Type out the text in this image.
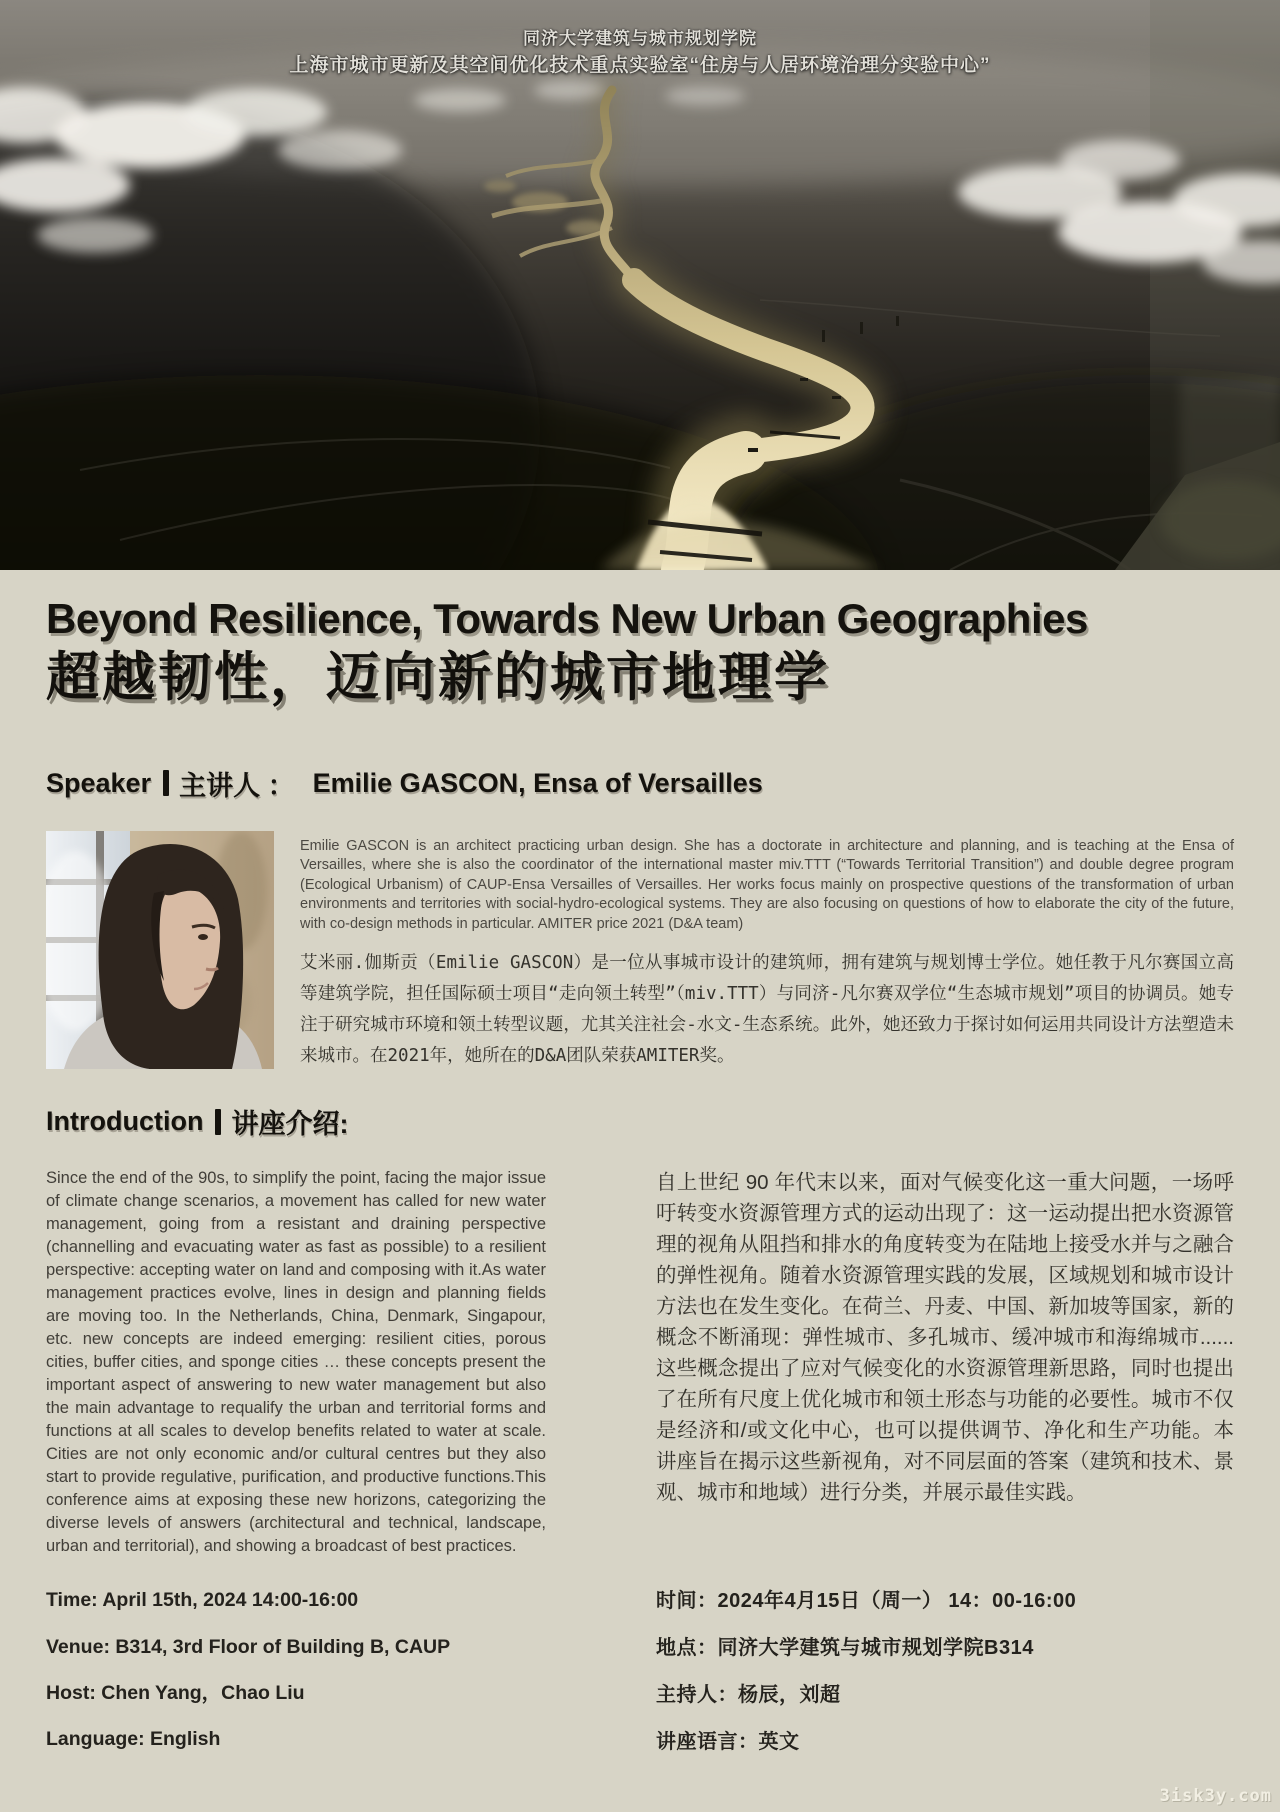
同济大学建筑与城市规划学院
上海市城市更新及其空间优化技术重点实验室“住房与人居环境治理分实验中心”
Beyond Resilience, Towards New Urban Geographies
超越韧性，迈向新的城市地理学
Speaker 主讲人 ： Emilie GASCON, Ensa of Versailles

Emilie GASCON is an architect practicing urban design. She has a doctorate in architecture and planning, and is teaching at the Ensa of Versailles, where she is also the coordinator of the international master miv.TTT (“Towards Territorial Transition”) and double degree program (Ecological Urbanism) of CAUP-Ensa Versailles of Versailles. Her works focus mainly on prospective questions of the transformation of urban environments and territories with social-hydro-ecological systems. They are also focusing on questions of how to elaborate the city of the future, with co-design methods in particular. AMITER price 2021 (D&A team)

艾米丽.伽斯贡（Emilie GASCON）是一位从事城市设计的建筑师，拥有建筑与规划博士学位。她任教于凡尔赛国立高等建筑学院，担任国际硕士项目“走向领土转型”（miv.TTT）与同济-凡尔赛双学位“生态城市规划”项目的协调员。她专注于研究城市环境和领土转型议题，尤其关注社会-水文-生态系统。此外，她还致力于探讨如何运用共同设计方法塑造未来城市。在2021年，她所在的D&A团队荣获AMITER奖。

Introduction 讲座介绍:
Since the end of the 90s, to simplify the point, facing the major issue of climate change scenarios, a movement has called for new water management, going from a resistant and draining perspective (channelling and evacuating water as fast as possible) to a resilient perspective: accepting water on land and composing with it.As water management practices evolve, lines in design and planning fields are moving too. In the Netherlands, China, Denmark, Singapour, etc. new concepts are indeed emerging: resilient cities, porous cities, buffer cities, and sponge cities … these concepts present the important aspect of answering to new water management but also the main advantage to requalify the urban and territorial forms and functions at all scales to develop benefits related to water at scale. Cities are not only economic and/or cultural centres but they also start to provide regulative, purification, and productive functions.This conference aims at exposing these new horizons, categorizing the diverse levels of answers (architectural and technical, landscape, urban and territorial), and showing a broadcast of best practices.
自上世纪 90 年代末以来，面对气候变化这一重大问题，一场呼吁转变水资源管理方式的运动出现了：这一运动提出把水资源管理的视角从阻挡和排水的角度转变为在陆地上接受水并与之融合的弹性视角。随着水资源管理实践的发展，区域规划和城市设计方法也在发生变化。在荷兰、丹麦、中国、新加坡等国家，新的概念不断涌现：弹性城市、多孔城市、缓冲城市和海绵城市......这些概念提出了应对气候变化的水资源管理新思路，同时也提出了在所有尺度上优化城市和领土形态与功能的必要性。城市不仅是经济和/或文化中心，也可以提供调节、净化和生产功能。本讲座旨在揭示这些新视角，对不同层面的答案（建筑和技术、景观、城市和地域）进行分类，并展示最佳实践。
Time: April 15th, 2024 14:00-16:00
Venue: B314, 3rd Floor of Building B, CAUP
Host: Chen Yang，Chao Liu
Language: English
时间：2024年4月15日（周一） 14：00-16:00
地点：同济大学建筑与城市规划学院B314
主持人：杨辰，刘超
讲座语言：英文
3isk3y.com
